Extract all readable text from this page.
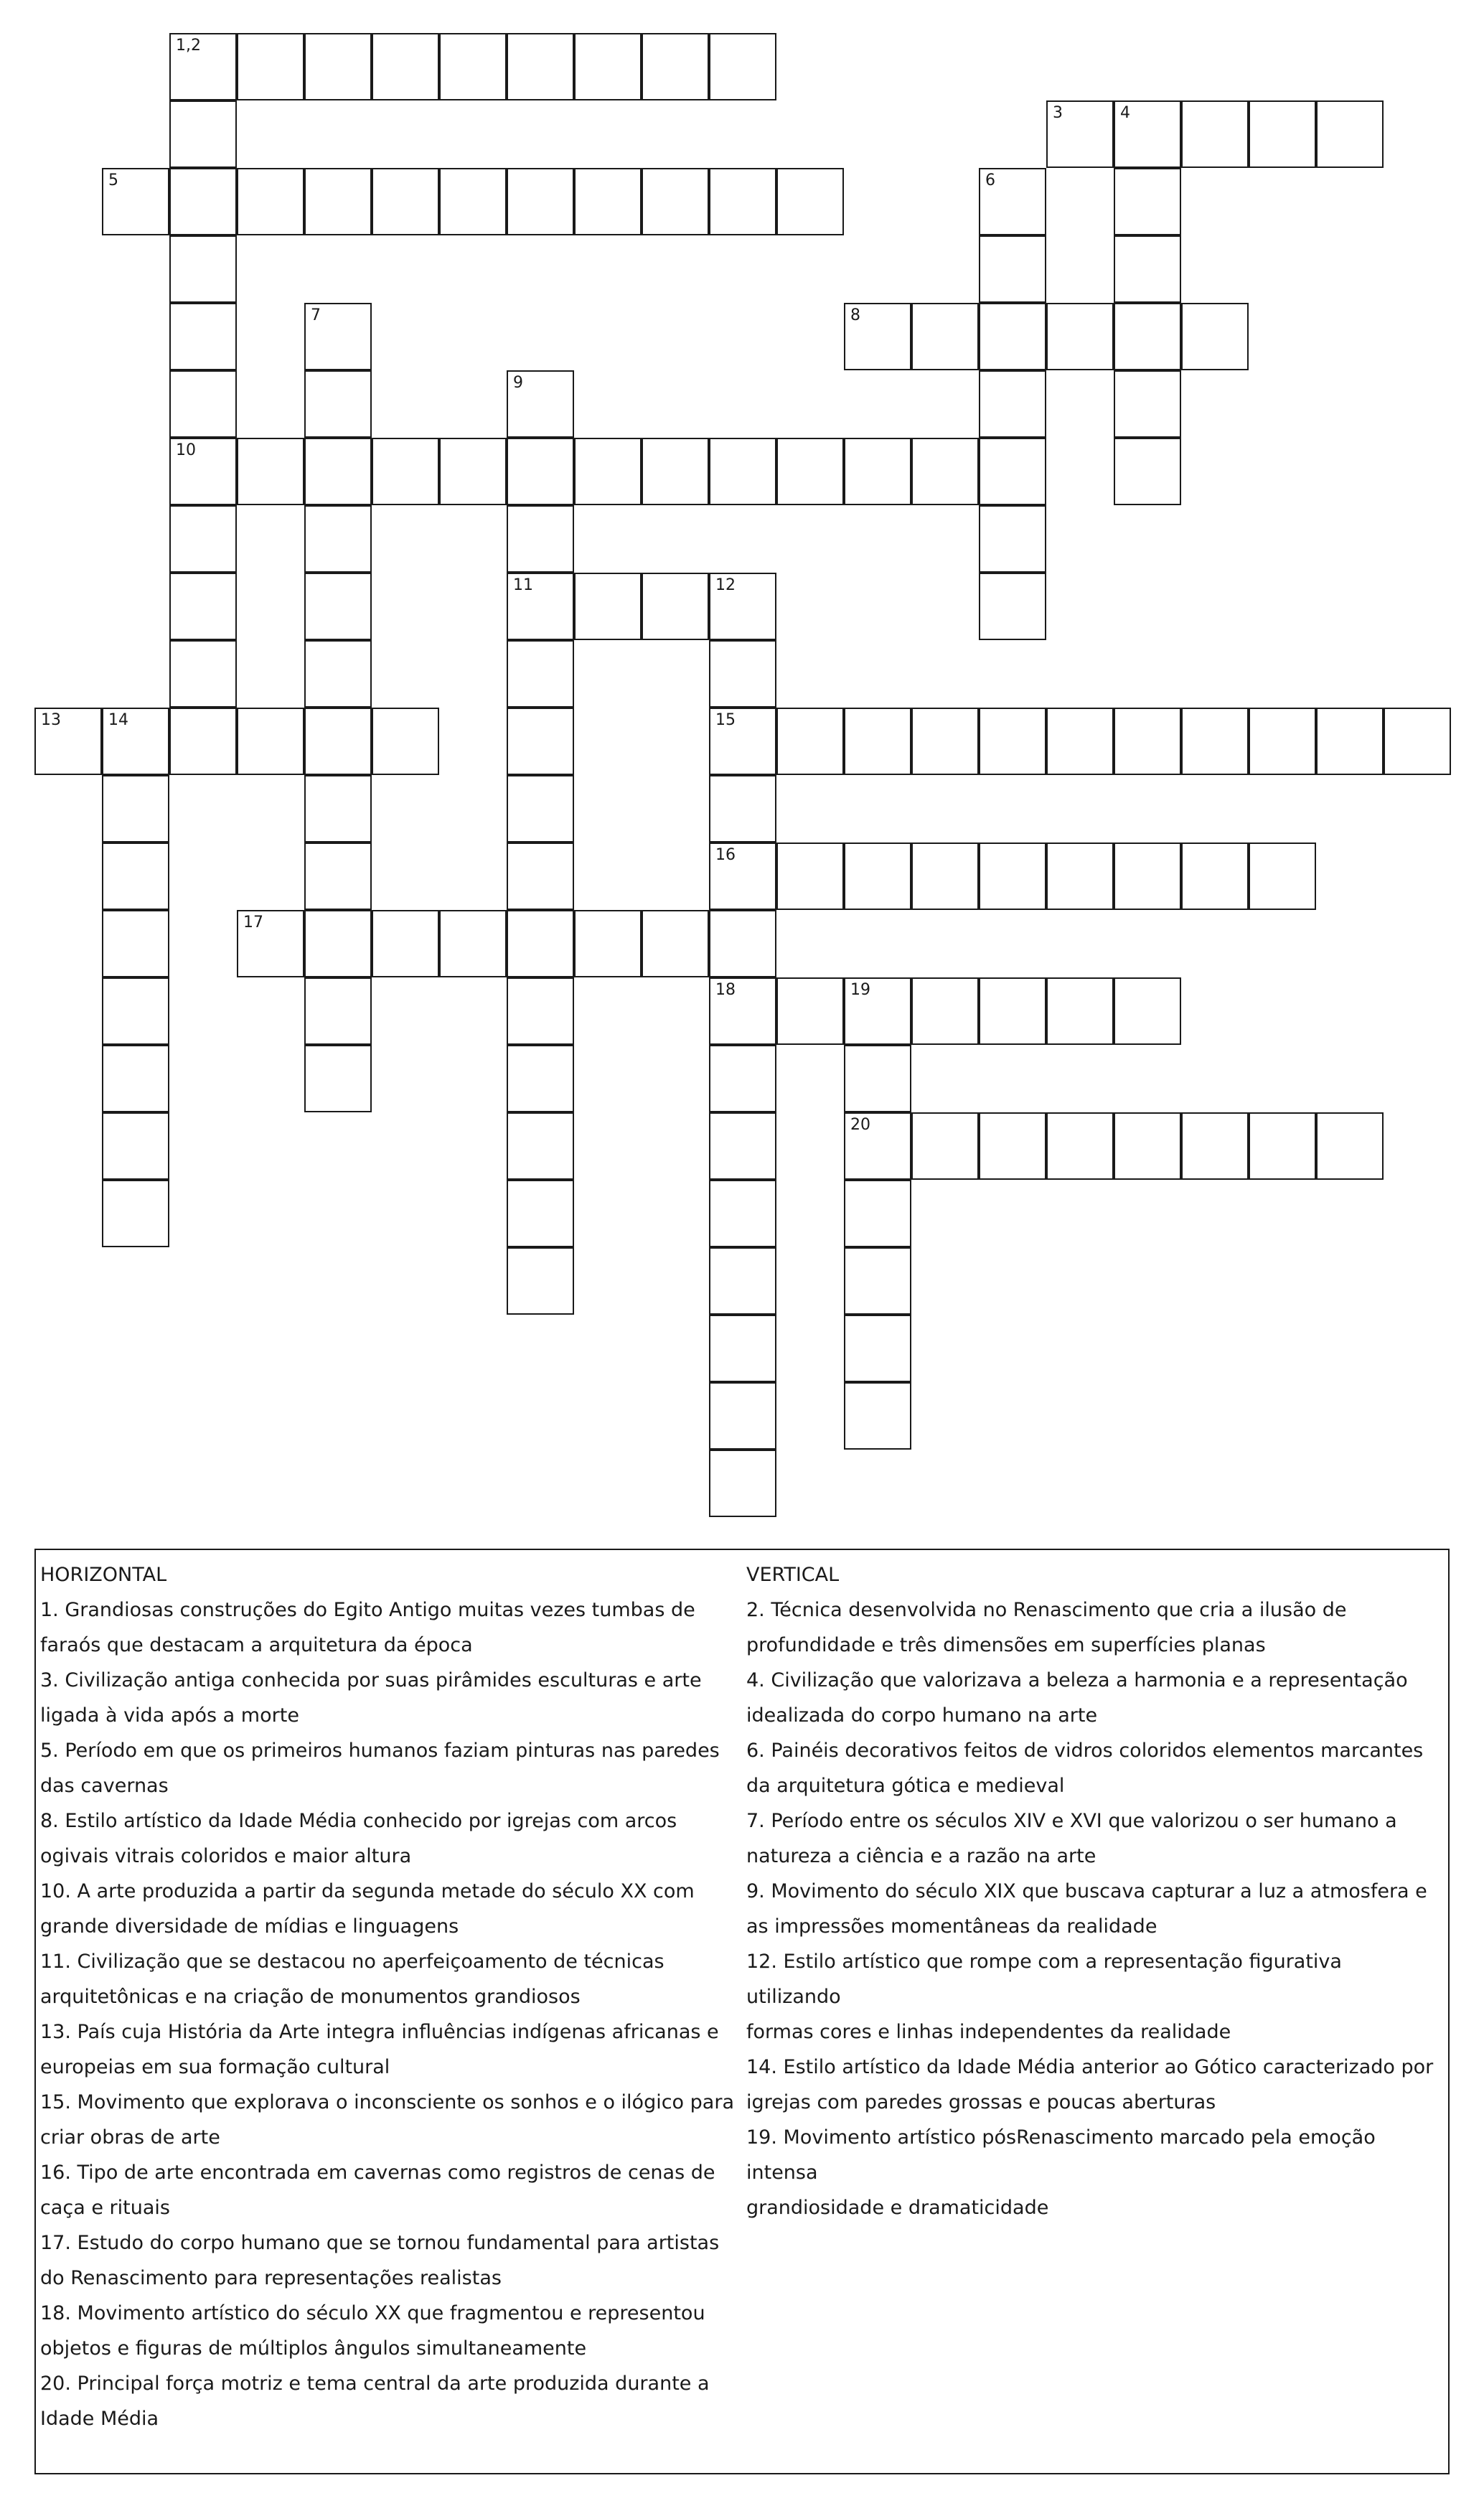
1,2
3	4
5	6
7	8
9
10
11	12
13	14	15
16
17
18	19
20

HORIZONTAL

1. Grandiosas construções do Egito Antigo muitas vezes tumbas de
faraós que destacam a arquitetura da época
3. Civilização antiga conhecida por suas pirâmides esculturas e arte
ligada à vida após a morte
5. Período em que os primeiros humanos faziam pinturas nas paredes
das cavernas
8. Estilo artístico da Idade Média conhecido por igrejas com arcos
ogivais vitrais coloridos e maior altura
10. A arte produzida a partir da segunda metade do século XX com
grande diversidade de mídias e linguagens
11. Civilização que se destacou no aperfeiçoamento de técnicas
arquitetônicas e na criação de monumentos grandiosos
13. País cuja História da Arte integra influências indígenas africanas e
europeias em sua formação cultural
15. Movimento que explorava o inconsciente os sonhos e o ilógico para
criar obras de arte
16. Tipo de arte encontrada em cavernas como registros de cenas de
caça e rituais
17. Estudo do corpo humano que se tornou fundamental para artistas
do Renascimento para representações realistas
18. Movimento artístico do século XX que fragmentou e representou
objetos e figuras de múltiplos ângulos simultaneamente
20. Principal força motriz e tema central da arte produzida durante a
Idade Média

VERTICAL

2. Técnica desenvolvida no Renascimento que cria a ilusão de
profundidade e três dimensões em superfícies planas
4. Civilização que valorizava a beleza a harmonia e a representação
idealizada do corpo humano na arte
6. Painéis decorativos feitos de vidros coloridos elementos marcantes
da arquitetura gótica e medieval
7. Período entre os séculos XIV e XVI que valorizou o ser humano a
natureza a ciência e a razão na arte
9. Movimento do século XIX que buscava capturar a luz a atmosfera e
as impressões momentâneas da realidade
12. Estilo artístico que rompe com a representação figurativa utilizando
formas cores e linhas independentes da realidade
14. Estilo artístico da Idade Média anterior ao Gótico caracterizado por
igrejas com paredes grossas e poucas aberturas
19. Movimento artístico pósRenascimento marcado pela emoção intensa
grandiosidade e dramaticidade
